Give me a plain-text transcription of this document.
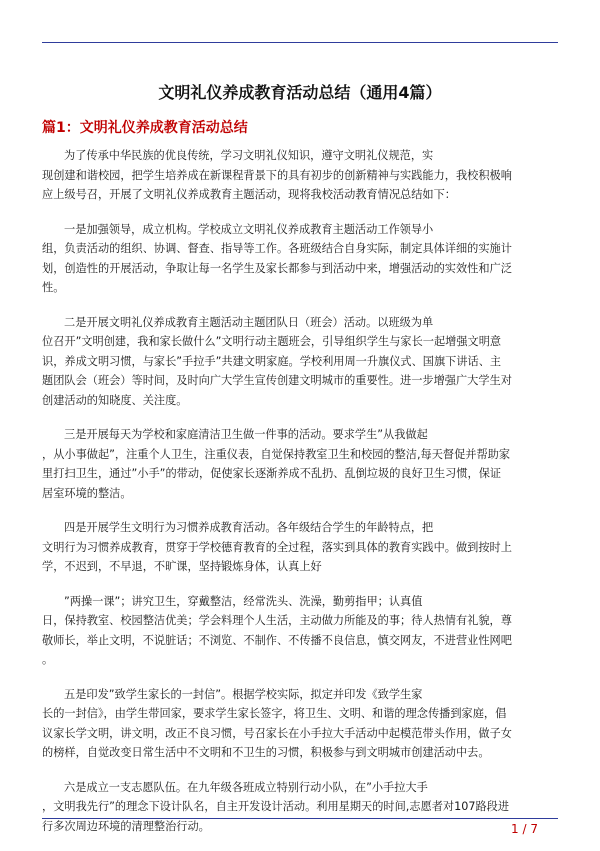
文明礼仪养成教育活动总结（通用4篇）
篇1：文明礼仪养成教育活动总结

为了传承中华民族的优良传统，学习文明礼仪知识，遵守文明礼仪规范，实
现创建和谐校园，把学生培养成在新课程背景下的具有初步的创新精神与实践能力，我校积极响
应上级号召，开展了文明礼仪养成教育主题活动，现将我校活动教育情况总结如下：

一是加强领导，成立机构。学校成立文明礼仪养成教育主题活动工作领导小
组，负责活动的组织、协调、督查、指导等工作。各班级结合自身实际，制定具体详细的实施计
划，创造性的开展活动，争取让每一名学生及家长都参与到活动中来，增强活动的实效性和广泛
性。

二是开展文明礼仪养成教育主题活动主题团队日（班会）活动。以班级为单
位召开”文明创建，我和家长做什么”文明行动主题班会，引导组织学生与家长一起增强文明意
识，养成文明习惯，与家长”手拉手”共建文明家庭。学校利用周一升旗仪式、国旗下讲话、主
题团队会（班会）等时间，及时向广大学生宣传创建文明城市的重要性。进一步增强广大学生对
创建活动的知晓度、关注度。

三是开展每天为学校和家庭清洁卫生做一件事的活动。要求学生”从我做起
，从小事做起”，注重个人卫生，注重仪表，自觉保持教室卫生和校园的整洁,每天督促并帮助家
里打扫卫生，通过”小手”的带动，促使家长逐渐养成不乱扔、乱倒垃圾的良好卫生习惯，保证
居室环境的整洁。

四是开展学生文明行为习惯养成教育活动。各年级结合学生的年龄特点，把
文明行为习惯养成教育，贯穿于学校德育教育的全过程，落实到具体的教育实践中。做到按时上
学，不迟到，不早退，不旷课，坚持锻炼身体，认真上好

”两操一课”；讲究卫生，穿戴整洁，经常洗头、洗澡，勤剪指甲；认真值
日，保持教室、校园整洁优美；学会料理个人生活，主动做力所能及的事；待人热情有礼貌，尊
敬师长，举止文明，不说脏话；不浏览、不制作、不传播不良信息，慎交网友，不进营业性网吧
。

五是印发”致学生家长的一封信”。根据学校实际，拟定并印发《致学生家
长的一封信》，由学生带回家，要求学生家长签字，将卫生、文明、和谐的理念传播到家庭，倡
议家长学文明，讲文明，改正不良习惯，号召家长在小手拉大手活动中起模范带头作用，做子女
的榜样，自觉改变日常生活中不文明和不卫生的习惯，积极参与到文明城市创建活动中去。

六是成立一支志愿队伍。在九年级各班成立特别行动小队，在”小手拉大手
，文明我先行”的理念下设计队名，自主开发设计活动。利用星期天的时间,志愿者对107路段进
行多次周边环境的清理整治行动。	1 / 7
